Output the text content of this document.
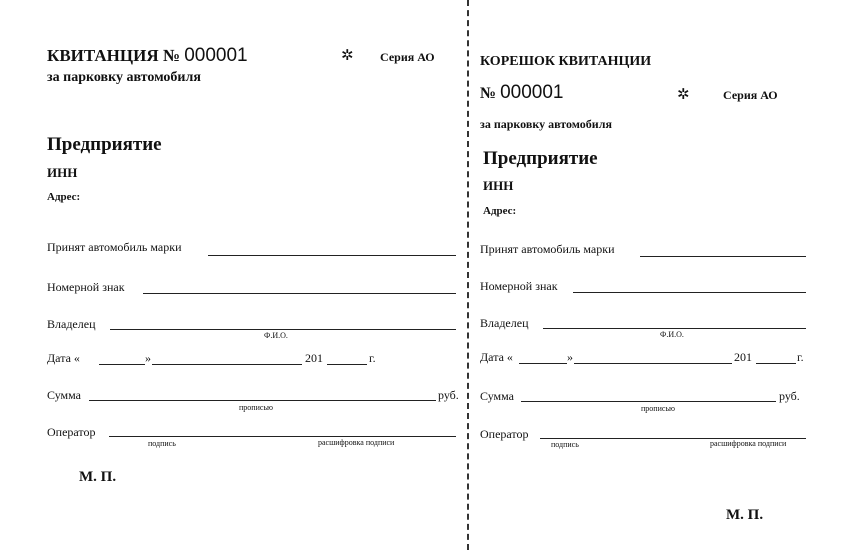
КВИТАНЦИЯ № 000001	✲ Серия АО
за парковку автомобиля
Предприятие
ИНН
Адрес:
Принят автомобиль марки
Номерной знак
Владелец
Ф.И.О.
Дата «	»	201	г.
Сумма
прописью
руб.
Оператор
подпись	расшифровка подписи
М. П.
КОРЕШОК КВИТАНЦИИ
№ 000001	✲	Серия АО
за парковку автомобиля
Предприятие
ИНН
Адрес:
Принят автомобиль марки
Номерной знак
Владелец
Ф.И.О.
Дата «	»	201	г.
Сумма
прописью
руб.
Оператор
подпись	расшифровка подписи
М. П.
